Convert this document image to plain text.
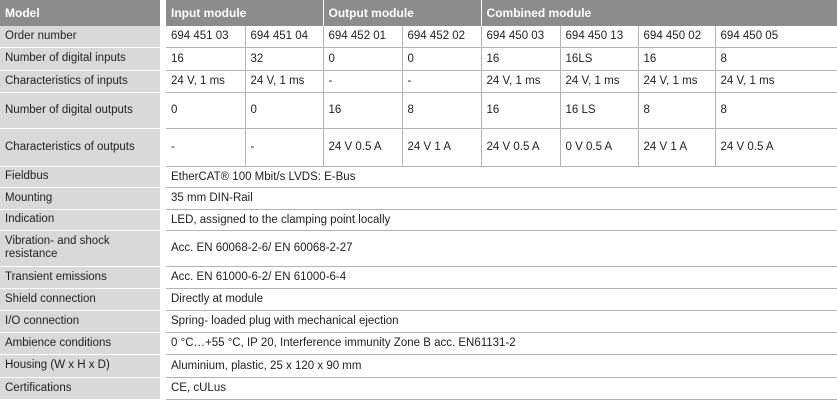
Model		Input module		Output module		Combined module			
Order number		694 451 03	694 451 04	694 452 01	694 452 02	694 450 03	694 450 13	694 450 02	694 450 05
Number of digital inputs		16	32	0	0	16	16LS	16	8
Characteristics of inputs		24 V, 1 ms	24 V, 1 ms	-	-	24 V, 1 ms	24 V, 1 ms	24 V, 1 ms	24 V, 1 ms
Number of digital outputs		0	0	16	8	16	16 LS	8	8
Characteristics of outputs		-	-	24 V 0.5 A	24 V 1 A	24 V 0.5 A	0 V 0.5 A	24 V 1 A	24 V 0.5 A
Fieldbus		EtherCAT® 100 Mbit/s LVDS: E-Bus							
Mounting		35 mm DIN-Rail							
Indication		LED, assigned to the clamping point locally							
Vibration- and shock resistance		Acc. EN 60068-2-6/ EN 60068-2-27							
Transient emissions		Acc. EN 61000-6-2/ EN 61000-6-4							
Shield connection		Directly at module							
I/O connection		Spring- loaded plug with mechanical ejection							
Ambience conditions		0 °C…+55 °C, IP 20, Interference immunity Zone B acc. EN61131-2							
Housing (W x H x D)		Aluminium, plastic, 25 x 120 x 90 mm							
Certifications		CE, cULus							
